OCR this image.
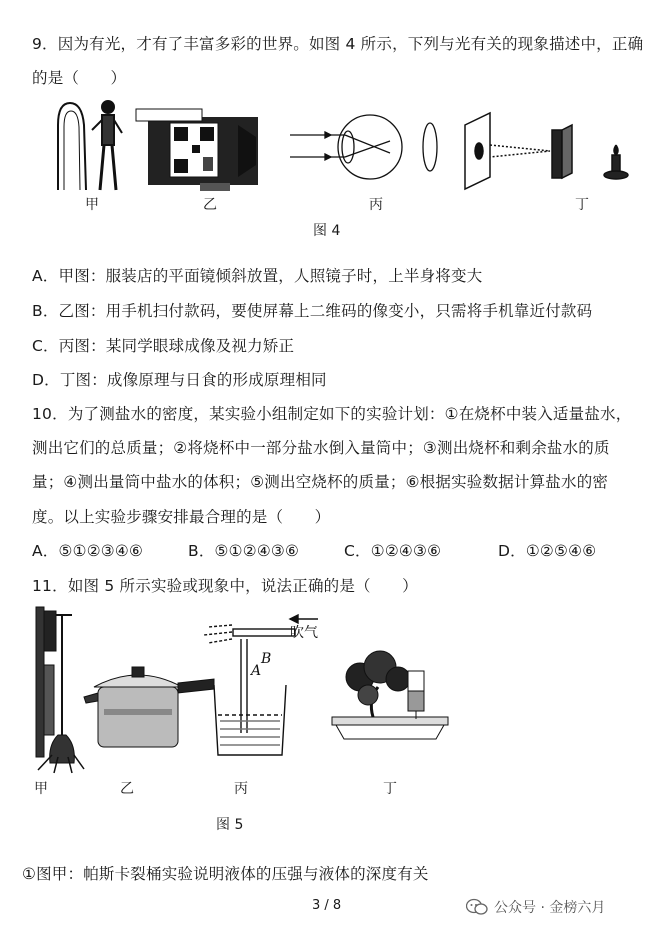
9．因为有光，才有了丰富多彩的世界。如图 4 所示，下列与光有关的现象描述中，正确
的是（　　）
甲	乙	丙	丁
图 4
A．甲图：服装店的平面镜倾斜放置，人照镜子时，上半身将变大
B．乙图：用手机扫付款码，要使屏幕上二维码的像变小，只需将手机靠近付款码
C．丙图：某同学眼球成像及视力矫正
D．丁图：成像原理与日食的形成原理相同
10．为了测盐水的密度，某实验小组制定如下的实验计划：①在烧杯中装入适量盐水，
测出它们的总质量；②将烧杯中一部分盐水倒入量筒中；③测出烧杯和剩余盐水的质
量；④测出量筒中盐水的体积；⑤测出空烧杯的质量；⑥根据实验数据计算盐水的密
度。以上实验步骤安排最合理的是（　　）
A．⑤①②③④⑥	B．⑤①②④③⑥	C．①②④③⑥	D．①②⑤④⑥
11．如图 5 所示实验或现象中，说法正确的是（　　）
A
B
吹气
甲	乙	丙	丁
图 5
①图甲：帕斯卡裂桶实验说明液体的压强与液体的深度有关
3 / 8	公众号 · 金榜六月
